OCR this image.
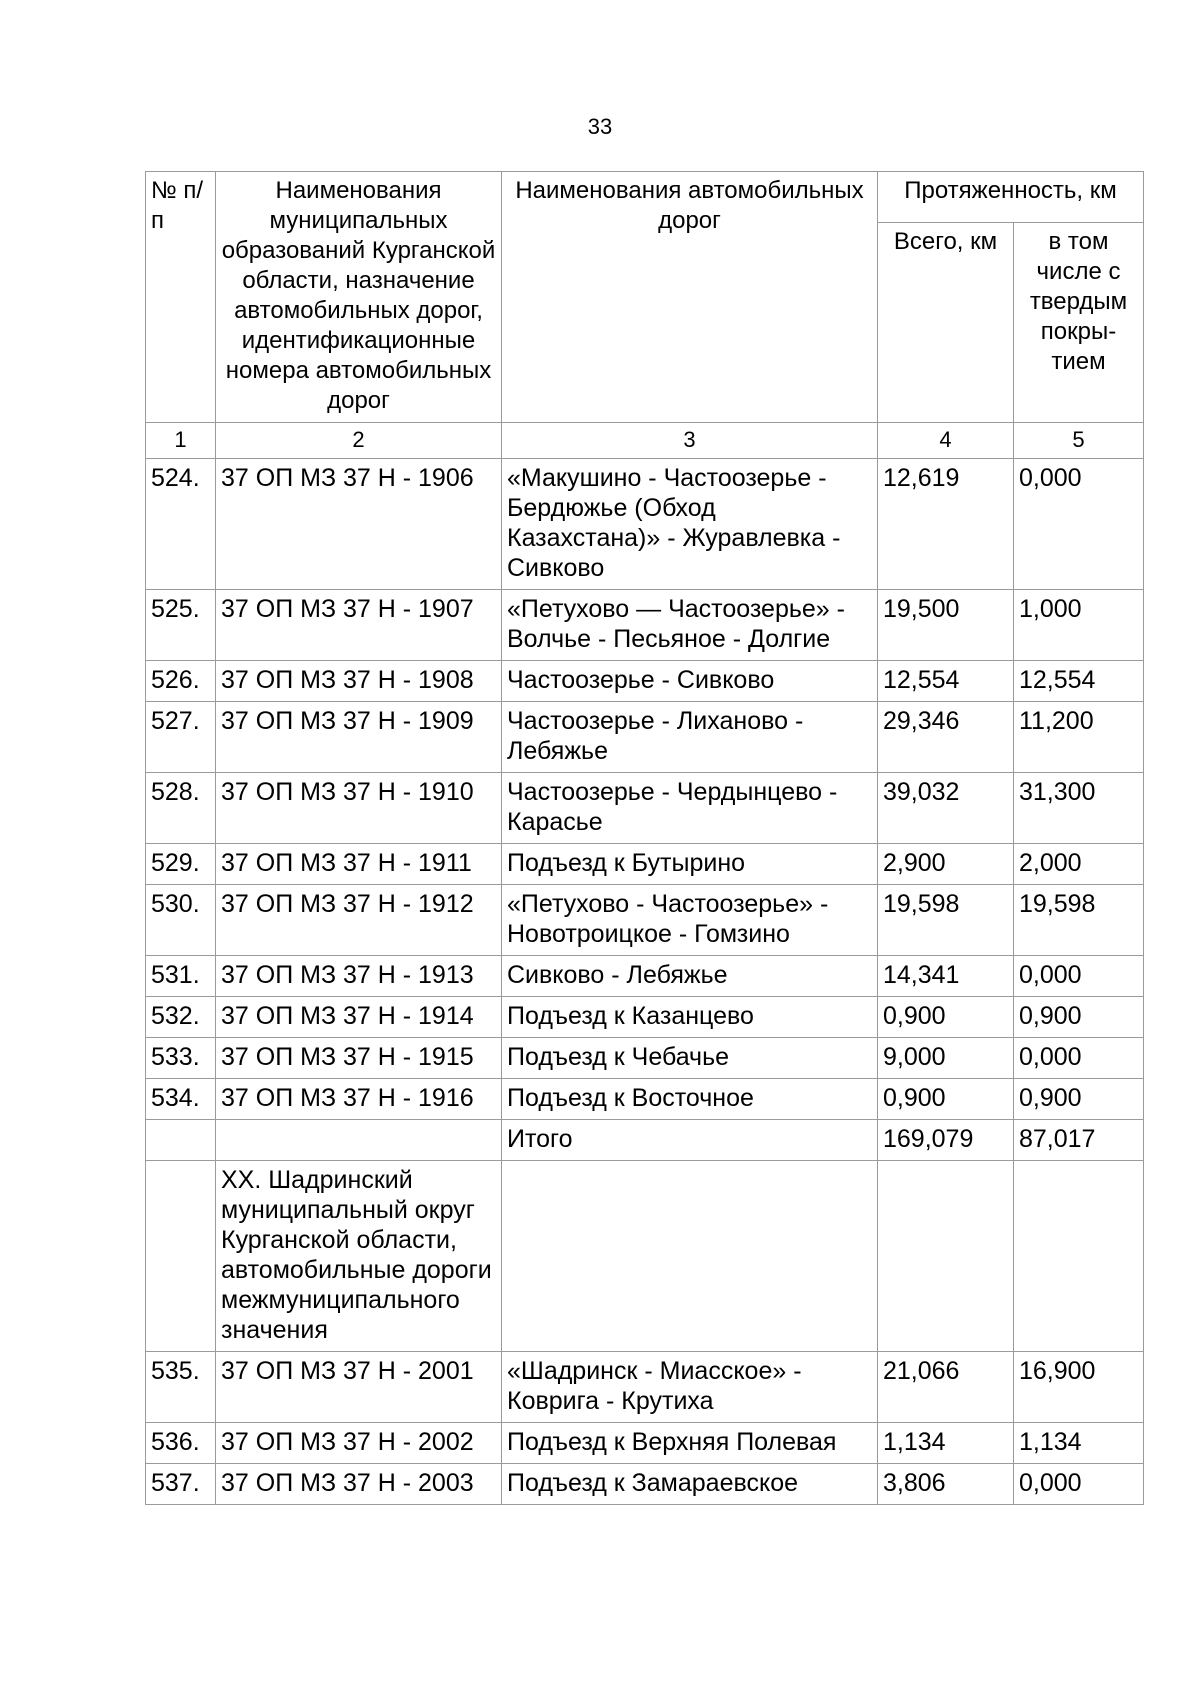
33
№ п/п	Наименования муниципальных образований Курганской области, назначение автомобильных дорог, идентификационные номера автомобильных дорог	Наименования автомобильных дорог	Протяженность, км	
			Всего, км	в том числе с твердым покры-тием
1	2	3	4	5
524.	37 ОП МЗ 37 Н - 1906	«Макушино - Частоозерье - Бердюжье (Обход Казахстана)» - Журавлевка - Сивково	12,619	0,000
525.	37 ОП МЗ 37 Н - 1907	«Петухово — Частоозерье» - Волчье - Песьяное - Долгие	19,500	1,000
526.	37 ОП МЗ 37 Н - 1908	Частоозерье - Сивково	12,554	12,554
527.	37 ОП МЗ 37 Н - 1909	Частоозерье - Лиханово - Лебяжье	29,346	11,200
528.	37 ОП МЗ 37 Н - 1910	Частоозерье - Чердынцево - Карасье	39,032	31,300
529.	37 ОП МЗ 37 Н - 1911	Подъезд к Бутырино	2,900	2,000
530.	37 ОП МЗ 37 Н - 1912	«Петухово - Частоозерье» - Новотроицкое - Гомзино	19,598	19,598
531.	37 ОП МЗ 37 Н - 1913	Сивково - Лебяжье	14,341	0,000
532.	37 ОП МЗ 37 Н - 1914	Подъезд к Казанцево	0,900	0,900
533.	37 ОП МЗ 37 Н - 1915	Подъезд к Чебачье	9,000	0,000
534.	37 ОП МЗ 37 Н - 1916	Подъезд к Восточное	0,900	0,900
		Итого	169,079	87,017
	XX. Шадринский муниципальный округ Курганской области, автомобильные дороги межмуниципального значения			
535.	37 ОП МЗ 37 Н - 2001	«Шадринск - Миасское» - Коврига - Крутиха	21,066	16,900
536.	37 ОП МЗ 37 Н - 2002	Подъезд к Верхняя Полевая	1,134	1,134
537.	37 ОП МЗ 37 Н - 2003	Подъезд к Замараевское	3,806	0,000
